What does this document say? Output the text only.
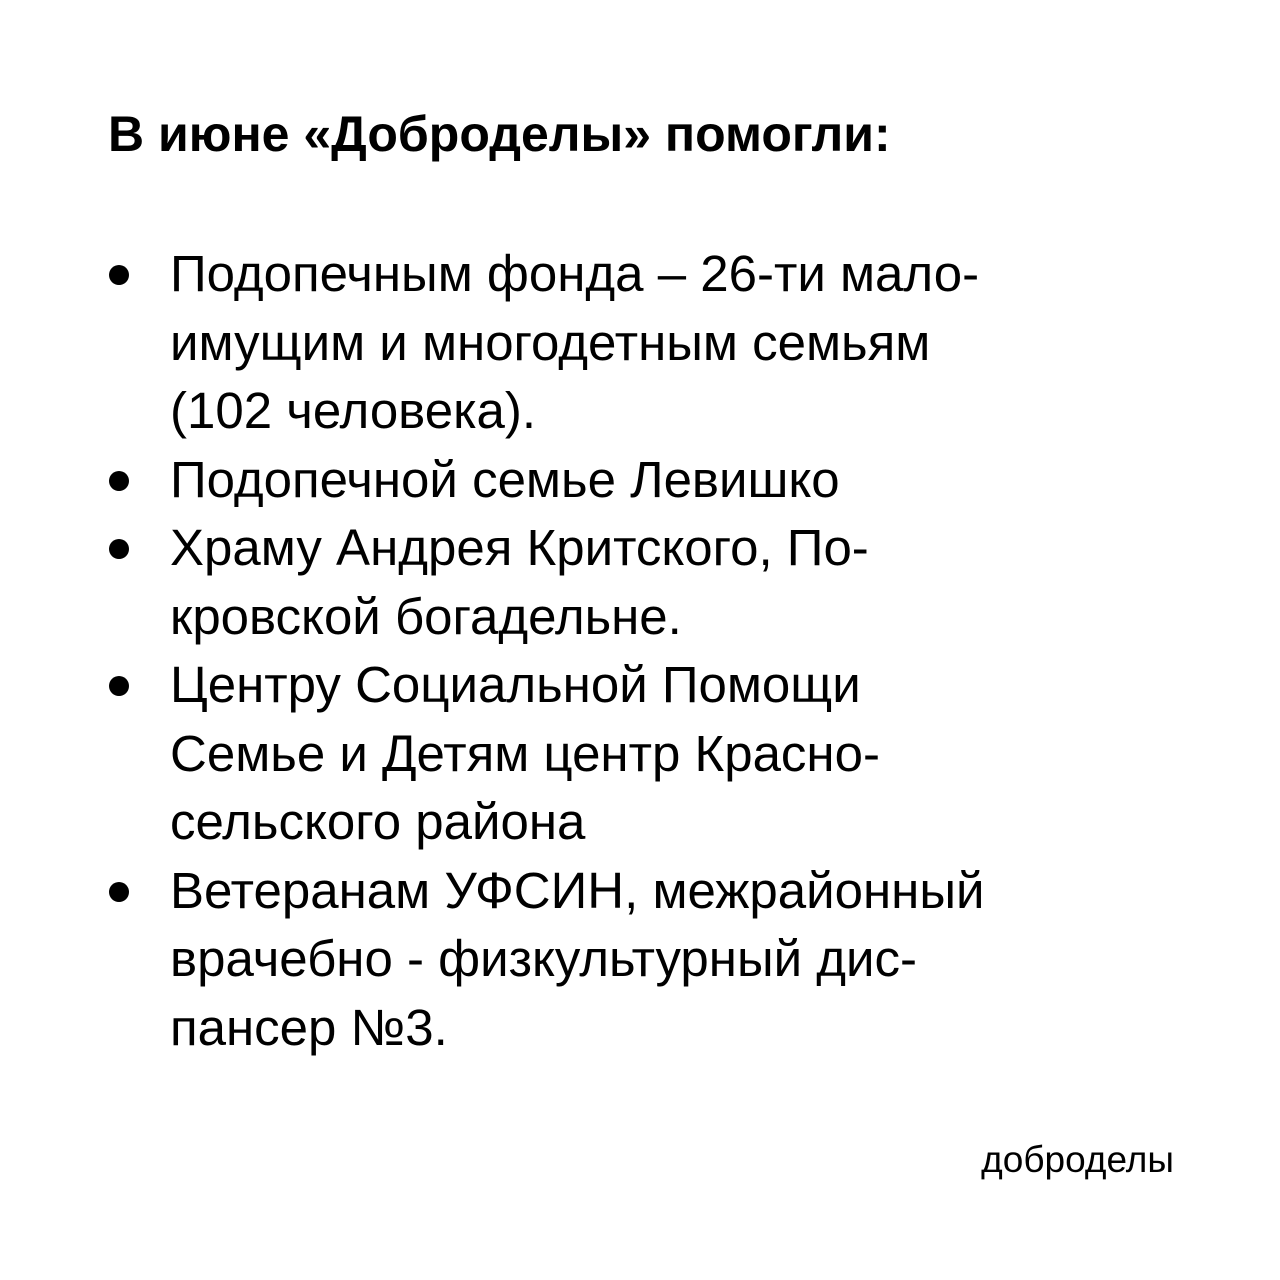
В июне «Доброделы» помогли:
Подопечным фонда – 26-ти мало-
имущим и многодетным семьям
(102 человека).
Подопечной семье Левишко
Храму Андрея Критского, По-
кровской богадельне.
Центру Социальной Помощи
Семье и Детям центр Красно-
сельского района
Ветеранам УФСИН, межрайонный
врачебно - физкультурный дис-
пансер №3.
доброделы
